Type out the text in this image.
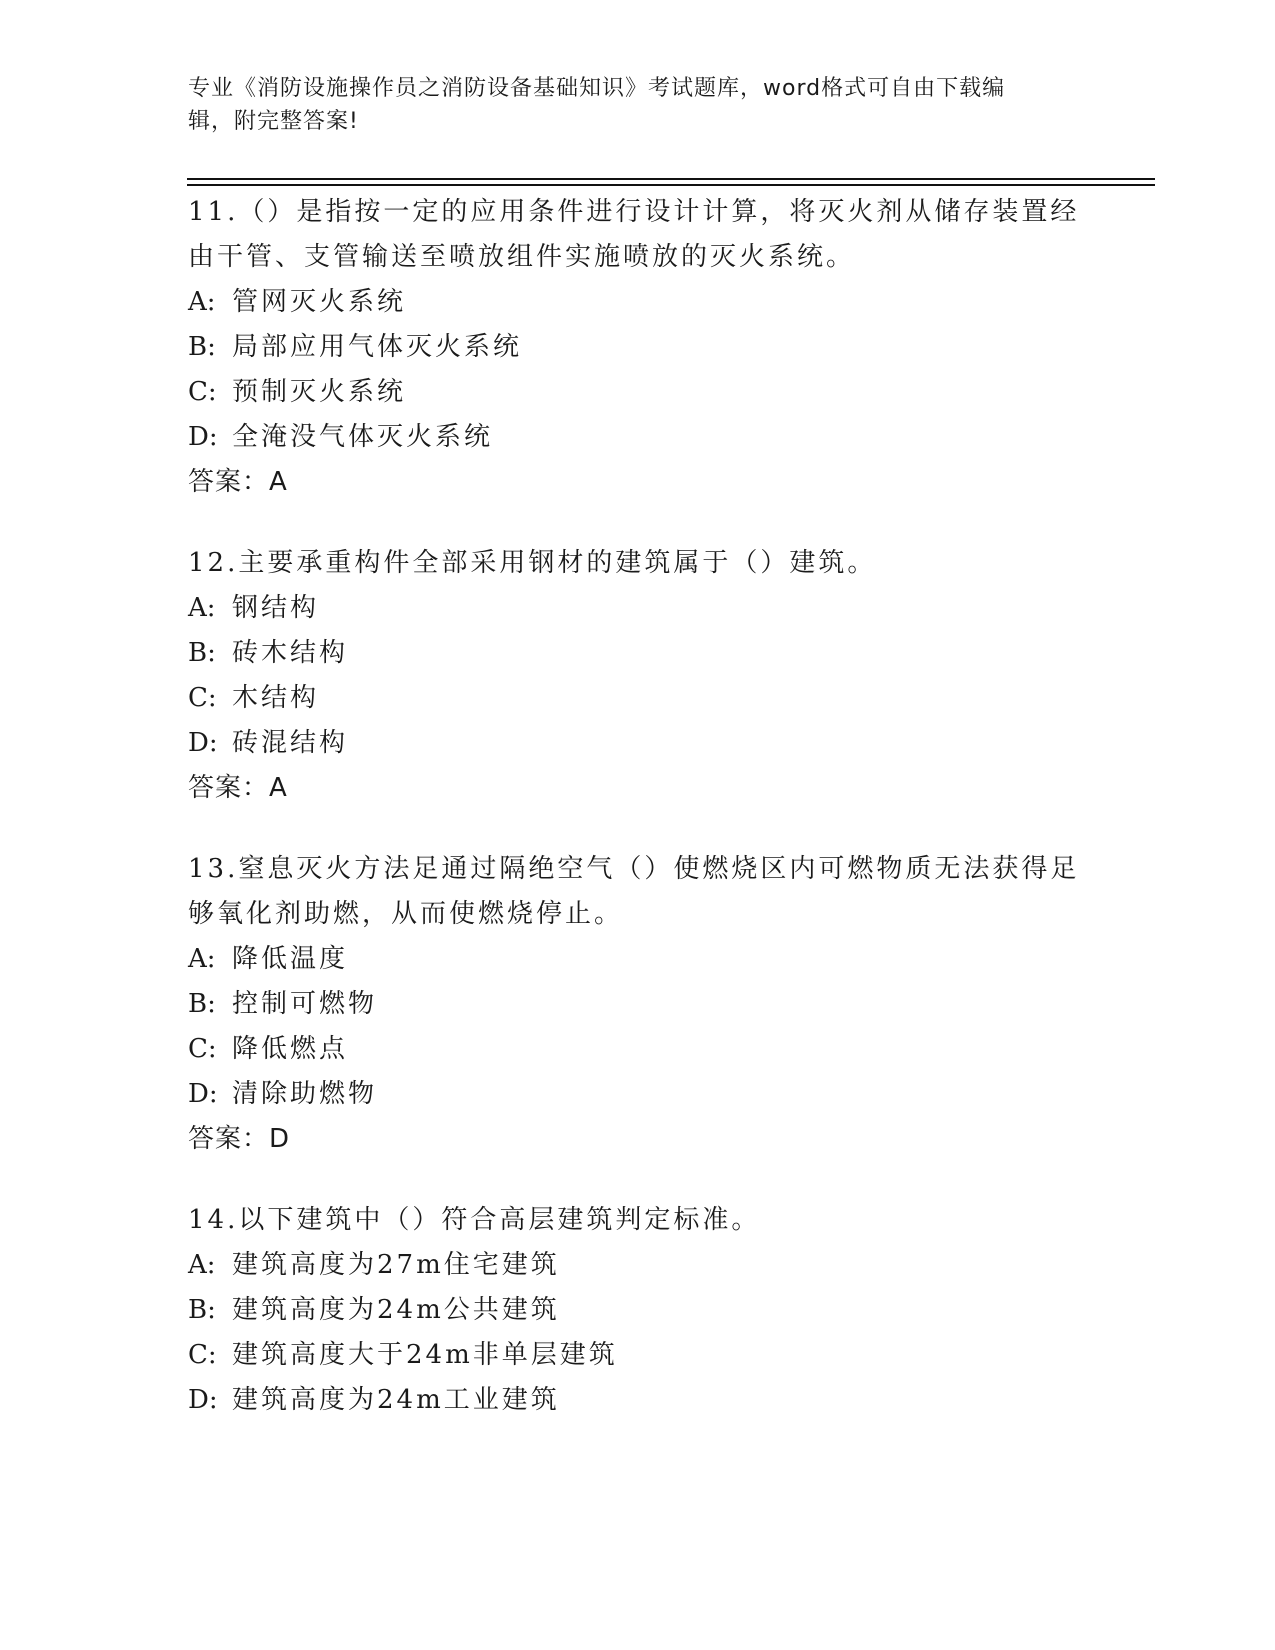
专业《消防设施操作员之消防设备基础知识》考试题库，word格式可自由下载编
辑，附完整答案!
11.（）是指按一定的应用条件进行设计计算，将灭火剂从储存装置经
由干管、支管输送至喷放组件实施喷放的灭火系统。
A: 管网灭火系统
B: 局部应用气体灭火系统
C: 预制灭火系统
D: 全淹没气体灭火系统
答案：A
12.主要承重构件全部采用钢材的建筑属于（）建筑。
A: 钢结构
B: 砖木结构
C: 木结构
D: 砖混结构
答案：A
13.窒息灭火方法足通过隔绝空气（）使燃烧区内可燃物质无法获得足
够氧化剂助燃，从而使燃烧停止。
A: 降低温度
B: 控制可燃物
C: 降低燃点
D: 清除助燃物
答案：D
14.以下建筑中（）符合高层建筑判定标准。
A: 建筑高度为27m住宅建筑
B: 建筑高度为24m公共建筑
C: 建筑高度大于24m非单层建筑
D: 建筑高度为24m工业建筑
